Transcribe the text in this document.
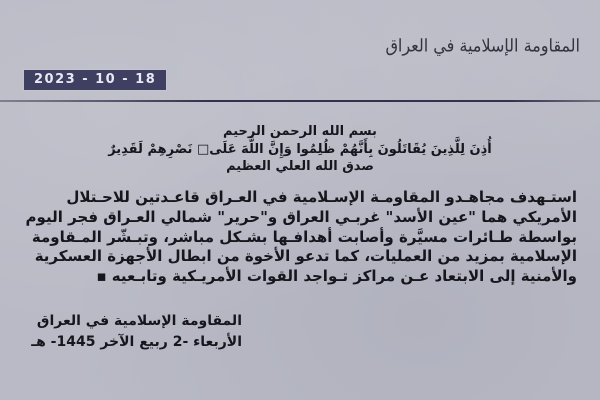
المقاومة الإسلامية في العراق
2023 - 10 - 18
بسم الله الرحمن الرحيم
أُذِنَ لِلَّذِينَ يُقَاتَلُونَ بِأَنَّهُمْ ظُلِمُوا وَإِنَّ اللَّهَ عَلَى□ نَصْرِهِمْ لَقَدِيرٌ
صدق الله العلي العظيم
استـهدف مجاهـدو المقاومـة الإسـلامية في العـراق قاعـدتين للاحـتلال
الأمريكي هما "عين الأسد" غربـي العراق و"حرير" شمالي العـراق فجر اليوم
بواسطة طـائرات مسيَّرة وأصابت أهدافـها بشـكل مباشر، وتبـشّر المـقاومة
الإسلامية بمزيد من العمليات، كما تدعو الأخوة من ابطال الأجهزة العسكرية
والأمنية إلى الابتعاد عـن مراكز تـواجد القوات الأمريـكية وتابـعيه ▪
المقاومة الإسلامية في العراق
الأربعاء -2 ربيع الآخر 1445- هـ
